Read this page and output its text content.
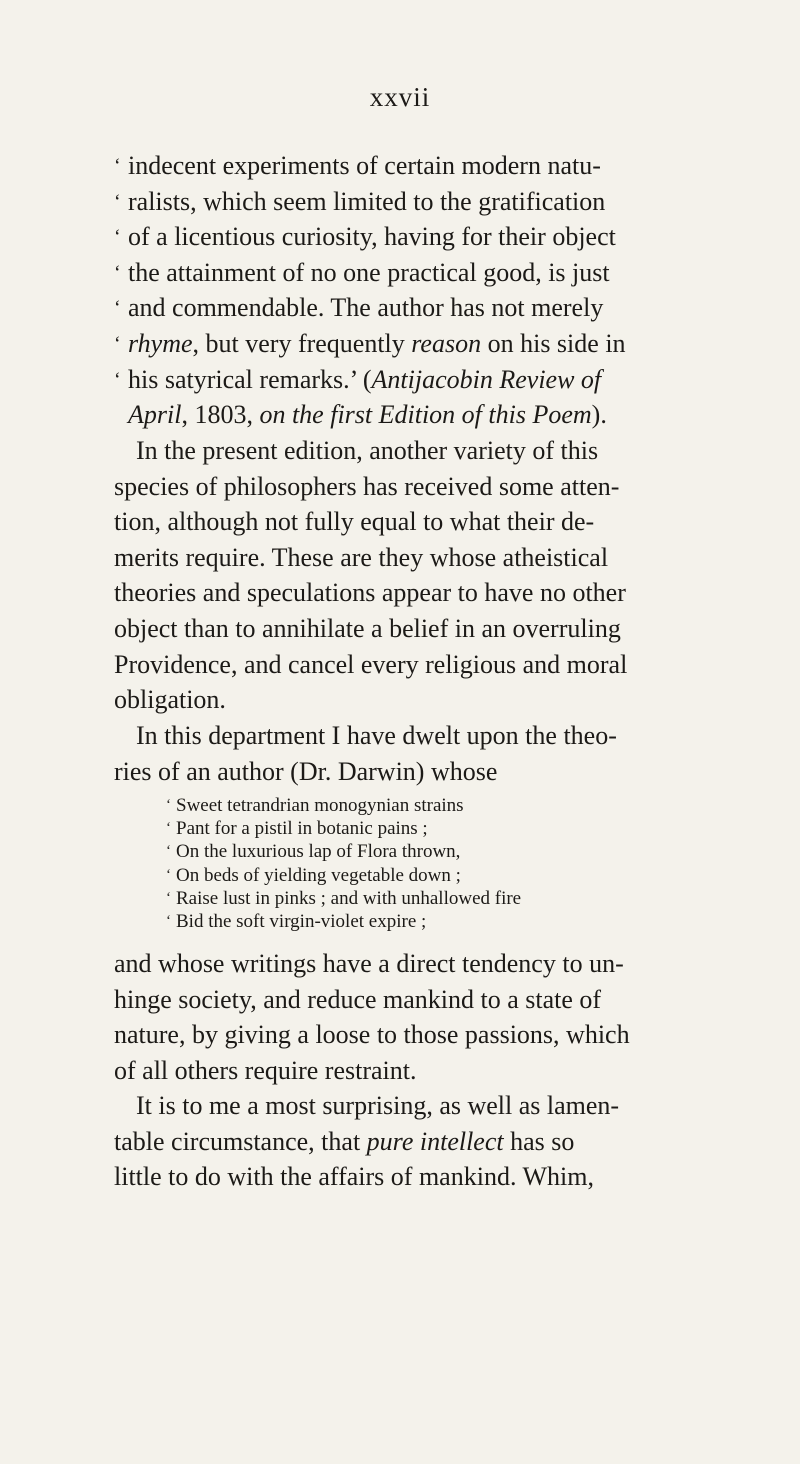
xxvii
‘ indecent experiments of certain modern natu-
‘ ralists, which seem limited to the gratification
‘ of a licentious curiosity, having for their object
‘ the attainment of no one practical good, is just
‘ and commendable. The author has not merely
‘ rhyme, but very frequently reason on his side in
‘ his satyrical remarks.’ (Antijacobin Review of
April, 1803, on the first Edition of this Poem).
In the present edition, another variety of this
species of philosophers has received some atten-
tion, although not fully equal to what their de-
merits require. These are they whose atheistical
theories and speculations appear to have no other
object than to annihilate a belief in an overruling
Providence, and cancel every religious and moral
obligation.
In this department I have dwelt upon the theo-
ries of an author (Dr. Darwin) whose
‘ Sweet tetrandrian monogynian strains
‘ Pant for a pistil in botanic pains ;
‘ On the luxurious lap of Flora thrown,
‘ On beds of yielding vegetable down ;
‘ Raise lust in pinks ; and with unhallowed fire
‘ Bid the soft virgin-violet expire ;
and whose writings have a direct tendency to un-
hinge society, and reduce mankind to a state of
nature, by giving a loose to those passions, which
of all others require restraint.
It is to me a most surprising, as well as lamen-
table circumstance, that pure intellect has so
little to do with the affairs of mankind. Whim,
